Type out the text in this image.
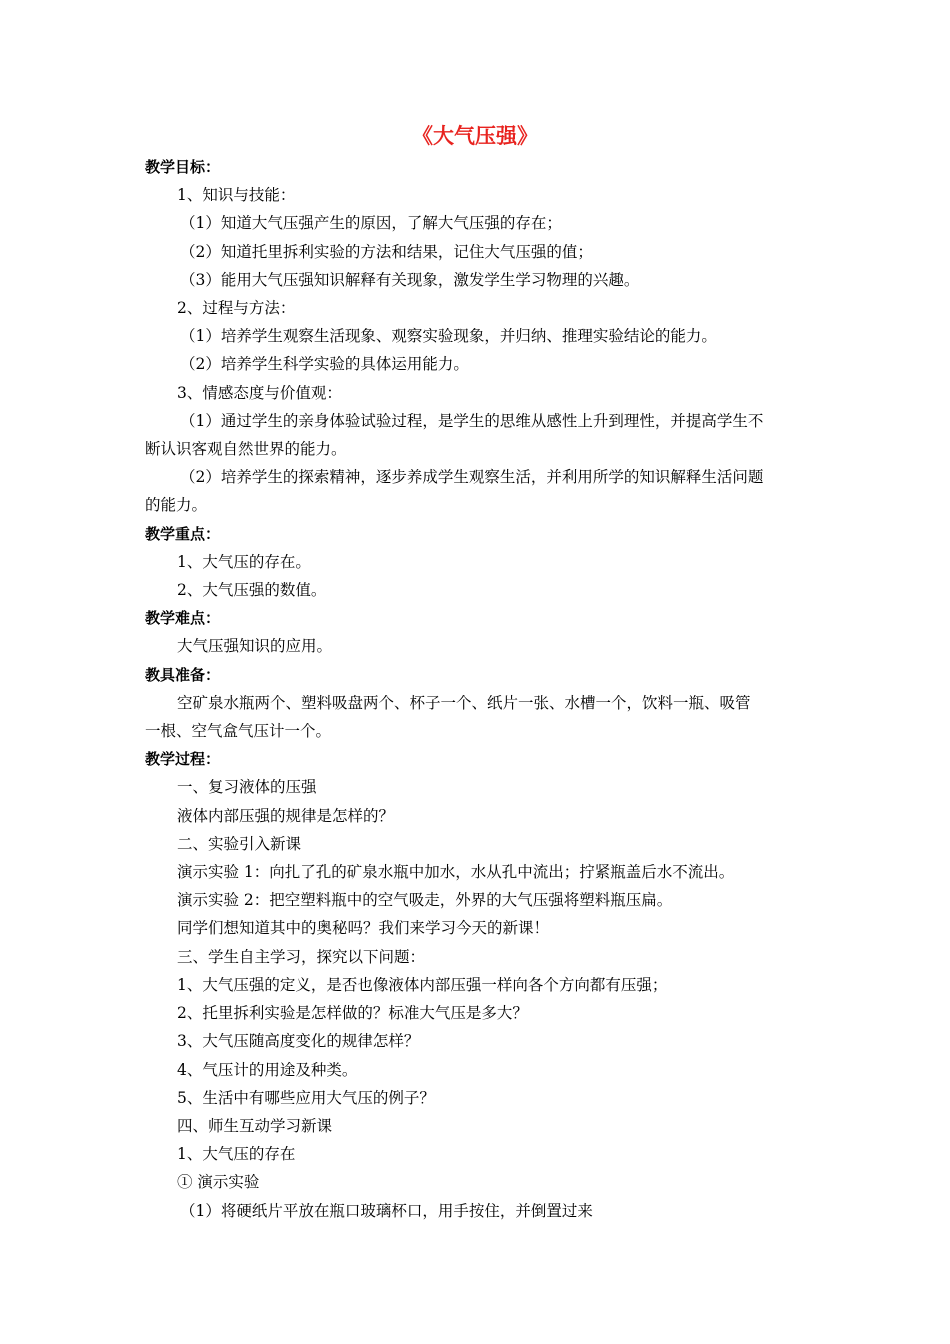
《大气压强》
教学目标：
1、知识与技能：
（1）知道大气压强产生的原因，了解大气压强的存在；
（2）知道托里拆利实验的方法和结果，记住大气压强的值；
（3）能用大气压强知识解释有关现象，激发学生学习物理的兴趣。
2、过程与方法：
（1）培养学生观察生活现象、观察实验现象，并归纳、推理实验结论的能力。
（2）培养学生科学实验的具体运用能力。
3、情感态度与价值观：
（1）通过学生的亲身体验试验过程，是学生的思维从感性上升到理性，并提高学生不
断认识客观自然世界的能力。
（2）培养学生的探索精神，逐步养成学生观察生活，并利用所学的知识解释生活问题
的能力。
教学重点：
1、大气压的存在。
2、大气压强的数值。
教学难点：
大气压强知识的应用。
教具准备：
空矿泉水瓶两个、塑料吸盘两个、杯子一个、纸片一张、水槽一个，饮料一瓶、吸管
一根、空气盒气压计一个。
教学过程：
一、复习液体的压强
液体内部压强的规律是怎样的？
二、实验引入新课
演示实验 1：向扎了孔的矿泉水瓶中加水，水从孔中流出；拧紧瓶盖后水不流出。
演示实验 2：把空塑料瓶中的空气吸走，外界的大气压强将塑料瓶压扁。
同学们想知道其中的奥秘吗？我们来学习今天的新课！
三、学生自主学习，探究以下问题：
1、大气压强的定义，是否也像液体内部压强一样向各个方向都有压强；
2、托里拆利实验是怎样做的？标准大气压是多大？
3、大气压随高度变化的规律怎样？
4、气压计的用途及种类。
5、生活中有哪些应用大气压的例子？
四、师生互动学习新课
1、大气压的存在
① 演示实验
（1）将硬纸片平放在瓶口玻璃杯口，用手按住，并倒置过来
